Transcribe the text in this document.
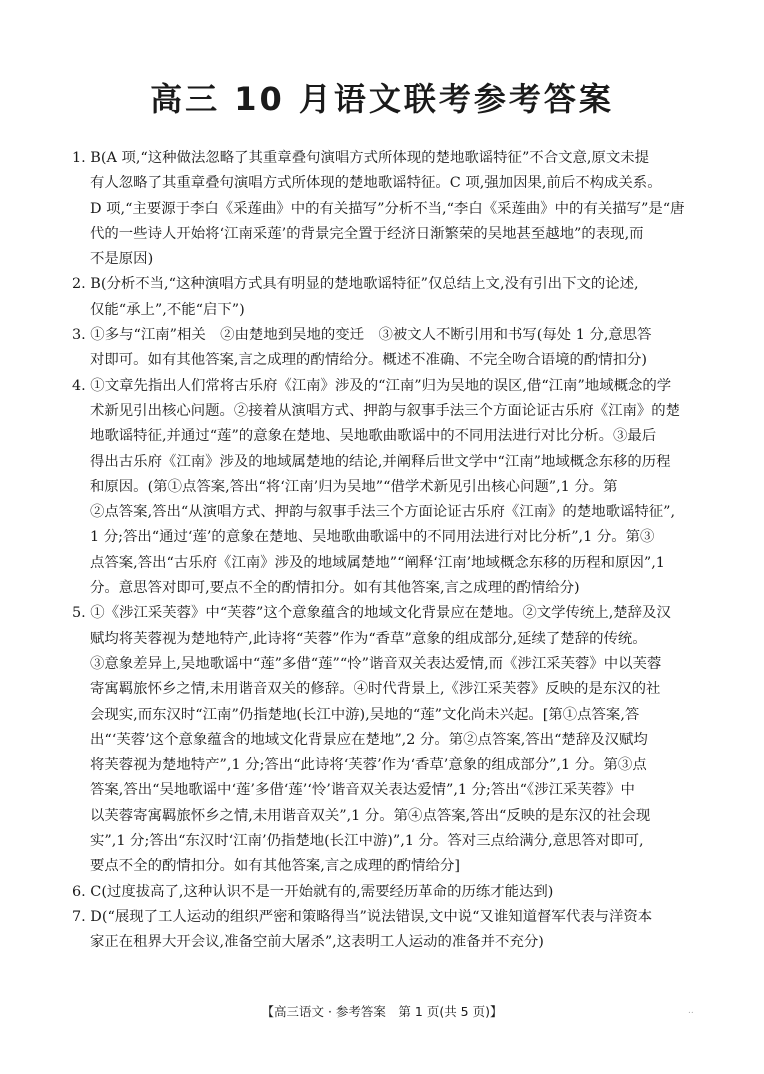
高三 10 月语文联考参考答案
1. B(A 项,“这种做法忽略了其重章叠句演唱方式所体现的楚地歌谣特征”不合文意,原文未提
有人忽略了其重章叠句演唱方式所体现的楚地歌谣特征。C 项,强加因果,前后不构成关系。
D 项,“主要源于李白《采莲曲》中的有关描写”分析不当,“李白《采莲曲》中的有关描写”是“唐
代的一些诗人开始将‘江南采莲’的背景完全置于经济日渐繁荣的吴地甚至越地”的表现,而
不是原因)
2. B(分析不当,“这种演唱方式具有明显的楚地歌谣特征”仅总结上文,没有引出下文的论述,
仅能“承上”,不能“启下”)
3. ①多与“江南”相关　②由楚地到吴地的变迁　③被文人不断引用和书写(每处 1 分,意思答
对即可。如有其他答案,言之成理的酌情给分。概述不准确、不完全吻合语境的酌情扣分)
4. ①文章先指出人们常将古乐府《江南》涉及的“江南”归为吴地的误区,借“江南”地域概念的学
术新见引出核心问题。②接着从演唱方式、押韵与叙事手法三个方面论证古乐府《江南》的楚
地歌谣特征,并通过“莲”的意象在楚地、吴地歌曲歌谣中的不同用法进行对比分析。③最后
得出古乐府《江南》涉及的地域属楚地的结论,并阐释后世文学中“江南”地域概念东移的历程
和原因。(第①点答案,答出“将‘江南’归为吴地”“借学术新见引出核心问题”,1 分。第
②点答案,答出“从演唱方式、押韵与叙事手法三个方面论证古乐府《江南》的楚地歌谣特征”,
1 分;答出“通过‘莲’的意象在楚地、吴地歌曲歌谣中的不同用法进行对比分析”,1 分。第③
点答案,答出“古乐府《江南》涉及的地域属楚地”“阐释‘江南’地域概念东移的历程和原因”,1
分。意思答对即可,要点不全的酌情扣分。如有其他答案,言之成理的酌情给分)
5. ①《涉江采芙蓉》中“芙蓉”这个意象蕴含的地域文化背景应在楚地。②文学传统上,楚辞及汉
赋均将芙蓉视为楚地特产,此诗将“芙蓉”作为“香草”意象的组成部分,延续了楚辞的传统。
③意象差异上,吴地歌谣中“莲”多借“莲”“怜”谐音双关表达爱情,而《涉江采芙蓉》中以芙蓉
寄寓羁旅怀乡之情,未用谐音双关的修辞。④时代背景上,《涉江采芙蓉》反映的是东汉的社
会现实,而东汉时“江南”仍指楚地(长江中游),吴地的“莲”文化尚未兴起。[第①点答案,答
出“‘芙蓉’这个意象蕴含的地域文化背景应在楚地”,2 分。第②点答案,答出“楚辞及汉赋均
将芙蓉视为楚地特产”,1 分;答出“此诗将‘芙蓉’作为‘香草’意象的组成部分”,1 分。第③点
答案,答出“吴地歌谣中‘莲’多借‘莲’‘怜’谐音双关表达爱情”,1 分;答出“《涉江采芙蓉》中
以芙蓉寄寓羁旅怀乡之情,未用谐音双关”,1 分。第④点答案,答出“反映的是东汉的社会现
实”,1 分;答出“东汉时‘江南’仍指楚地(长江中游)”,1 分。答对三点给满分,意思答对即可,
要点不全的酌情扣分。如有其他答案,言之成理的酌情给分]
6. C(过度拔高了,这种认识不是一开始就有的,需要经历革命的历练才能达到)
7. D(“展现了工人运动的组织严密和策略得当”说法错误,文中说“又谁知道督军代表与洋资本
家正在租界大开会议,准备空前大屠杀”,这表明工人运动的准备并不充分)
【高三语文 · 参考答案　第 1 页(共 5 页)】	..
